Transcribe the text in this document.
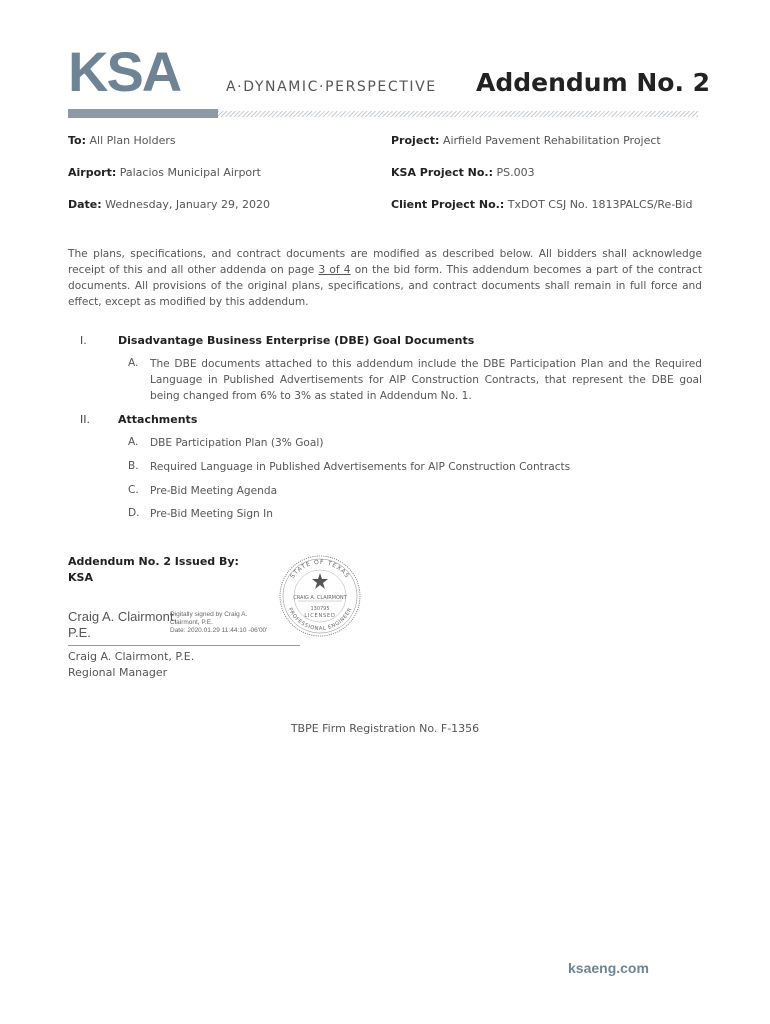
KSA	A·DYNAMIC·PERSPECTIVE Addendum No. 2
To: All Plan Holders
Airport: Palacios Municipal Airport
Date: Wednesday, January 29, 2020
Project: Airfield Pavement Rehabilitation Project
KSA Project No.: PS.003
Client Project No.: TxDOT CSJ No. 1813PALCS/Re-Bid
The plans, specifications, and contract documents are modified as described below. All bidders shall acknowledge receipt of this and all other addenda on page 3 of 4 on the bid form. This addendum becomes a part of the contract documents. All provisions of the original plans, specifications, and contract documents shall remain in full force and effect, except as modified by this addendum.
I.	Disadvantage Business Enterprise (DBE) Goal Documents
A. The DBE documents attached to this addendum include the DBE Participation Plan and the Required Language in Published Advertisements for AIP Construction Contracts, that represent the DBE goal being changed from 6% to 3% as stated in Addendum No. 1.
II.	Attachments
A. DBE Participation Plan (3% Goal)
B. Required Language in Published Advertisements for AIP Construction Contracts
C. Pre-Bid Meeting Agenda
D. Pre-Bid Meeting Sign In
Addendum No. 2 Issued By:
KSA	STATE OF TEXAS
CRAIG A. CLAIRMONT
130795
LICENSED
PROFESSIONAL ENGINEER
Craig A. Clairmont,
P.E.
Digitally signed by Craig A.
Clairmont, P.E.
Date: 2020.01.29 11:44:10 -06'00'
Craig A. Clairmont, P.E.
Regional Manager
TBPE Firm Registration No. F-1356
ksaeng.com
